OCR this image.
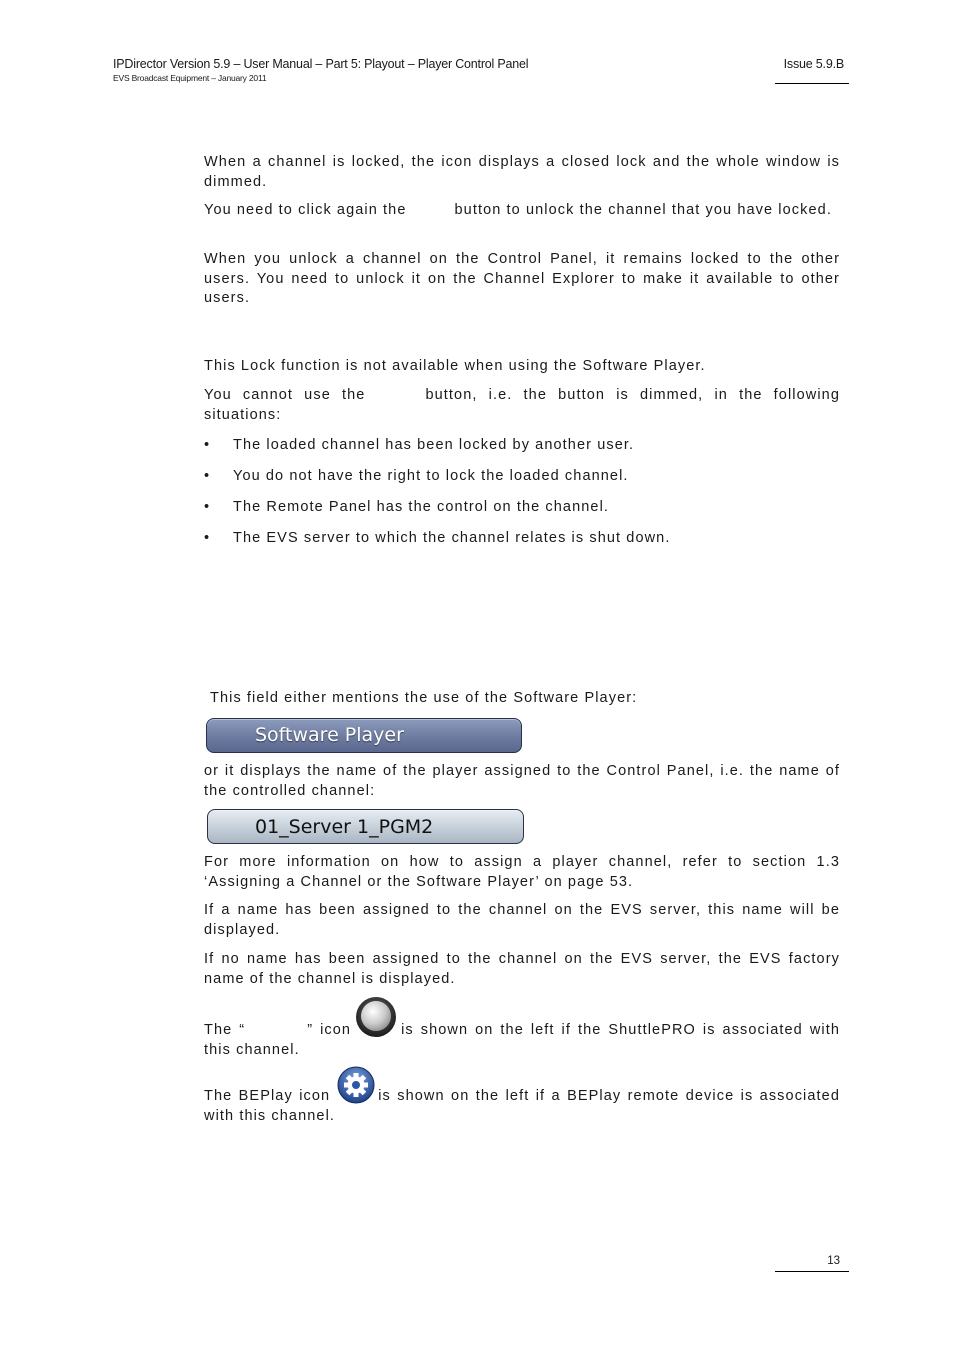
IPDirector Version 5.9 – User Manual – Part 5: Playout – Player Control Panel
EVS Broadcast Equipment – January 2011
Issue 5.9.B

When a channel is locked, the icon displays a closed lock and the whole window is dimmed.

You need to click again the	button to unlock the channel that you have locked.

When you unlock a channel on the Control Panel, it remains locked to the other users. You need to unlock it on the Channel Explorer to make it available to other users.

This Lock function is not available when using the Software Player.

You cannot use the	button, i.e. the button is dimmed, in the following situations:

• The loaded channel has been locked by another user.
• You do not have the right to lock the loaded channel.
• The Remote Panel has the control on the channel.
• The EVS server to which the channel relates is shut down.

This field either mentions the use of the Software Player:

Software Player

or it displays the name of the player assigned to the Control Panel, i.e. the name of the controlled channel:

01_Server 1_PGM2

For more information on how to assign a player channel, refer to section 1.3 ‘Assigning a Channel or the Software Player’ on page 53.

If a name has been assigned to the channel on the EVS server, this name will be displayed.

If no name has been assigned to the channel on the EVS server, the EVS factory name of the channel is displayed.

The “	” icon	is shown on the left if the ShuttlePRO is associated with this channel.

The BEPlay icon	is shown on the left if a BEPlay remote device is associated with this channel.

13
